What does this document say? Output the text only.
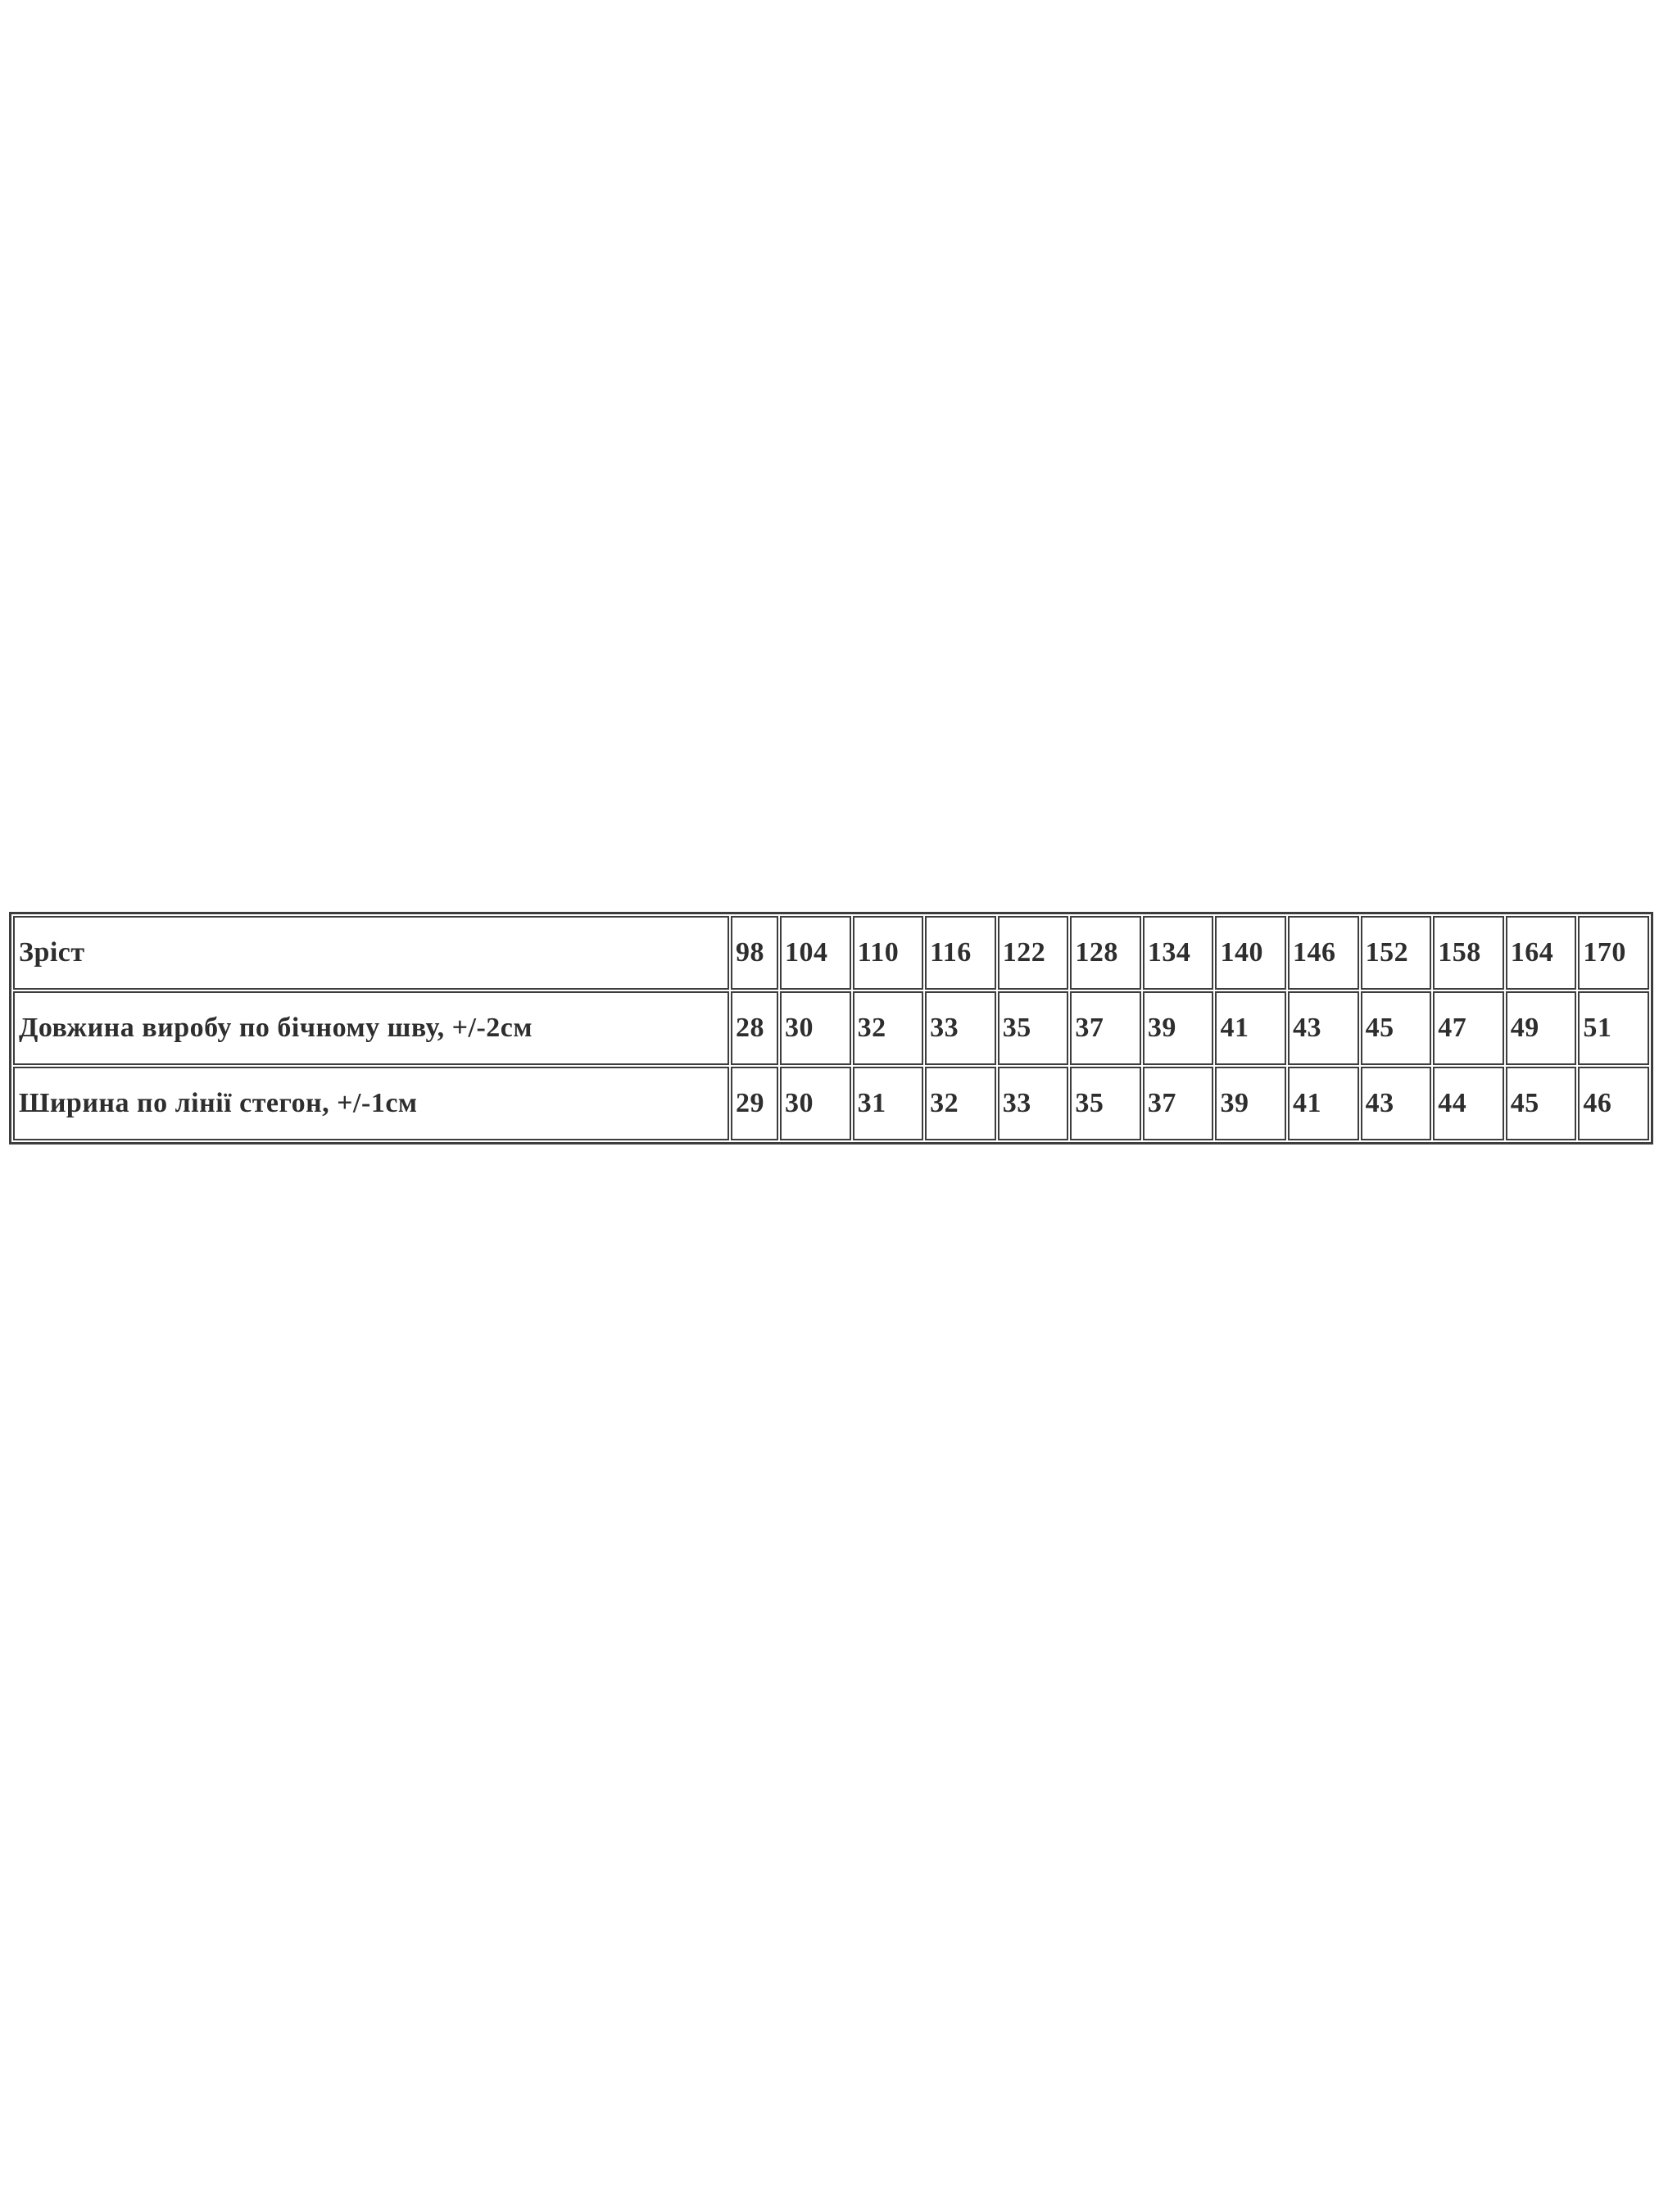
Зріст	98	104	110	116	122	128	134	140	146	152	158	164	170
Довжина виробу по бічному шву, +/-2см	28	30	32	33	35	37	39	41	43	45	47	49	51
Ширина по лінії стегон, +/-1см	29	30	31	32	33	35	37	39	41	43	44	45	46
